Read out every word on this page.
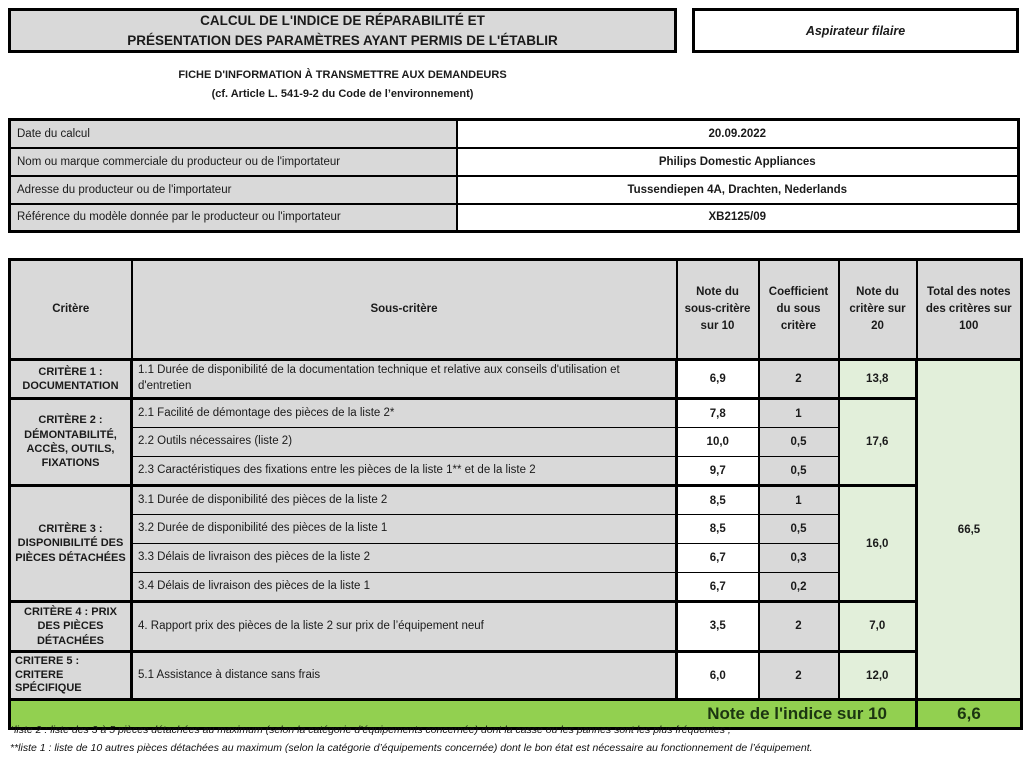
CALCUL DE L'INDICE DE RÉPARABILITÉ ET
PRÉSENTATION DES PARAMÈTRES AYANT PERMIS DE L'ÉTABLIR
Aspirateur filaire
FICHE D'INFORMATION À TRANSMETTRE AUX DEMANDEURS
(cf. Article L. 541-9-2 du Code de l’environnement)
Date du calcul	20.09.2022
Nom ou marque commerciale du producteur ou de l'importateur	Philips Domestic Appliances
Adresse du producteur ou de l'importateur	Tussendiepen 4A, Drachten, Nederlands
Référence du modèle donnée par le producteur ou l'importateur	XB2125/09
Critère	Sous-critère	Note du sous-critère sur 10	Coefficient du sous critère	Note du critère sur 20	Total des notes des critères sur 100
CRITÈRE 1 : DOCUMENTATION	1.1 Durée de disponibilité de la documentation technique et relative aux conseils d'utilisation et d'entretien	6,9	2	13,8	66,5
CRITÈRE 2 : DÉMONTABILITÉ, ACCÈS, OUTILS, FIXATIONS	2.1 Facilité de démontage des pièces de la liste 2*	7,8	1	17,6	
	2.2 Outils nécessaires (liste 2)	10,0	0,5		
	2.3 Caractéristiques des fixations entre les pièces de la liste 1** et de la liste 2	9,7	0,5		
CRITÈRE 3 : DISPONIBILITÉ DES PIÈCES DÉTACHÉES	3.1 Durée de disponibilité des pièces de la liste 2	8,5	1	16,0	
	3.2 Durée de disponibilité des pièces de la liste 1	8,5	0,5		
	3.3 Délais de livraison des pièces de la liste 2	6,7	0,3		
	3.4 Délais de livraison des pièces de la liste 1	6,7	0,2		
CRITÈRE 4 : PRIX DES PIÈCES DÉTACHÉES	4. Rapport prix des pièces de la liste 2 sur prix de l’équipement neuf	3,5	2	7,0	
CRITERE 5 : CRITERE SPÉCIFIQUE	5.1 Assistance à distance sans frais	6,0	2	12,0	
Note de l'indice sur 10					6,6
*liste 2 : liste des 3 à 5 pièces détachées au maximum (selon la catégorie d’équipements concernée) dont la casse ou les pannes sont les plus fréquentes ;
**liste 1 : liste de 10 autres pièces détachées au maximum (selon la catégorie d’équipements concernée) dont le bon état est nécessaire au fonctionnement de l’équipement.
